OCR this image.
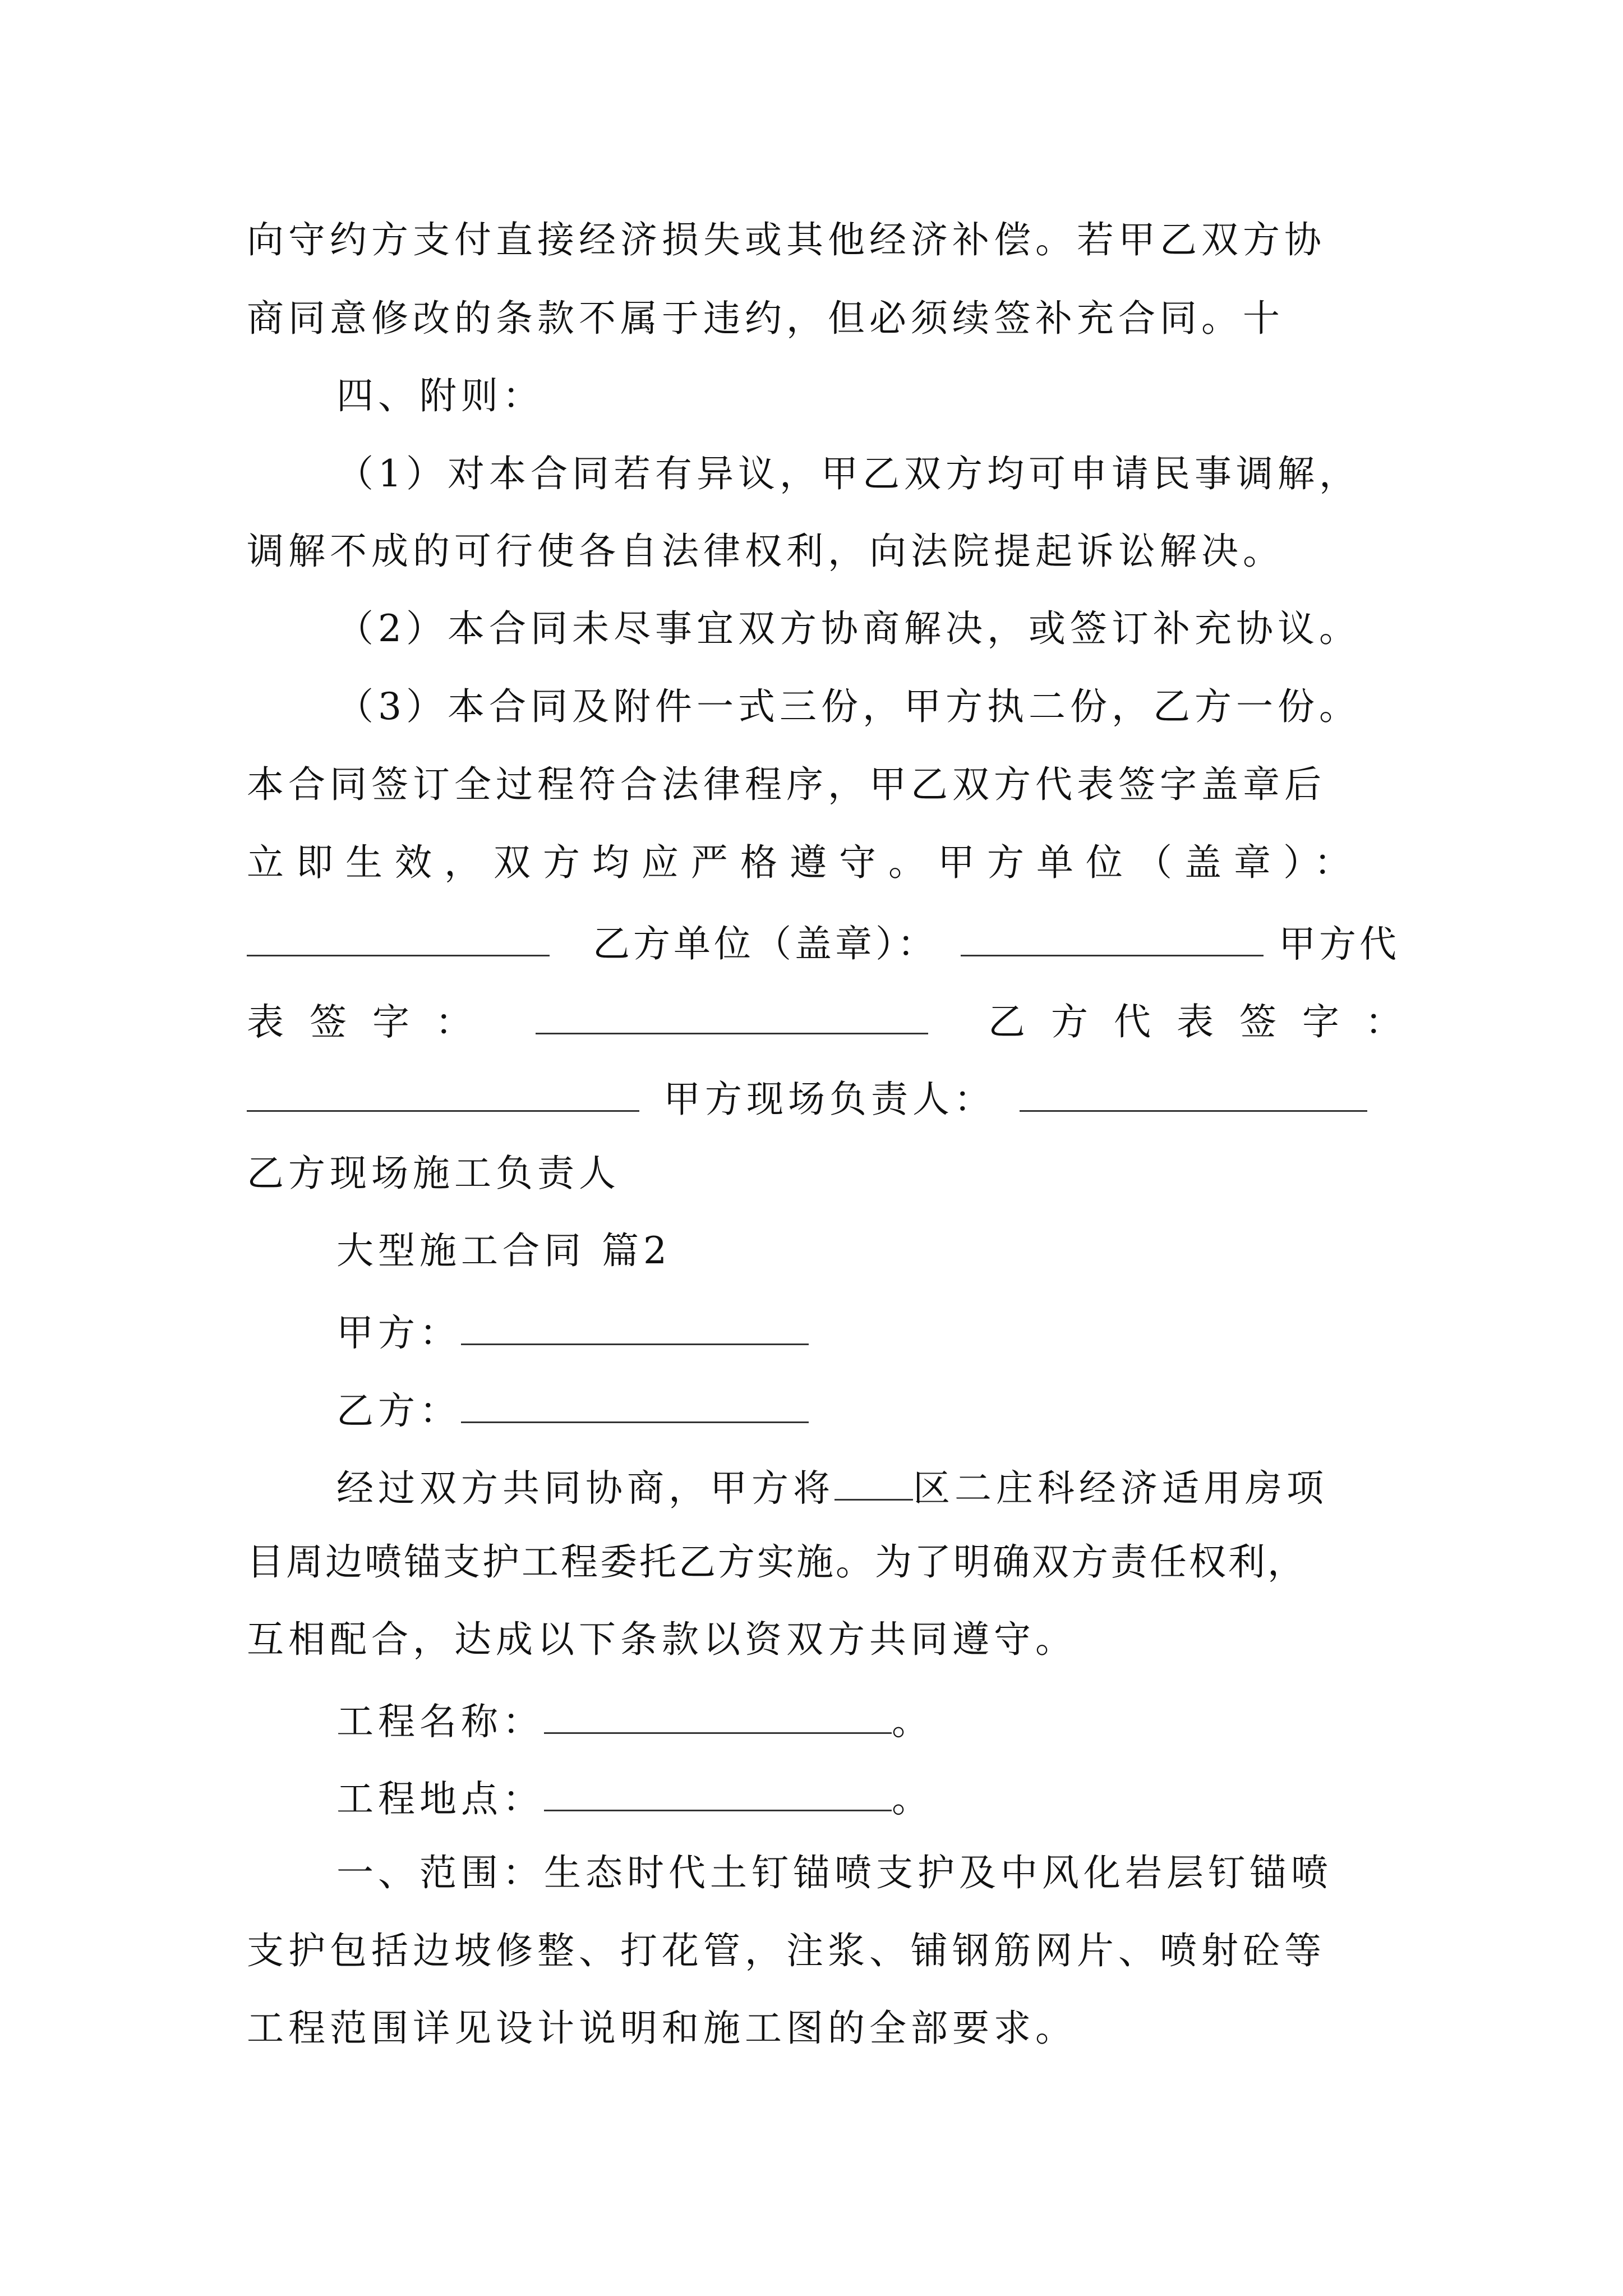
向守约方支付直接经济损失或其他经济补偿。若甲乙双方协
商同意修改的条款不属于违约，但必须续签补充合同。十
四、附则：
（1）对本合同若有异议，甲乙双方均可申请民事调解，
调解不成的可行使各自法律权利，向法院提起诉讼解决。
（2）本合同未尽事宜双方协商解决，或签订补充协议。
（3）本合同及附件一式三份，甲方执二份，乙方一份。
本合同签订全过程符合法律程序，甲乙双方代表签字盖章后
立即生效，双方均应严格遵守。甲方单位（盖章）：
乙方单位（盖章）：	甲方代
表签字：	乙方代表签字：
甲方现场负责人：
乙方现场施工负责人
大型施工合同 篇2
甲方：
乙方：
经过双方共同协商，甲方将 区二庄科经济适用房项
目周边喷锚支护工程委托乙方实施。为了明确双方责任权利，
互相配合，达成以下条款以资双方共同遵守。
工程名称：	。
工程地点：	。
一、范围：生态时代土钉锚喷支护及中风化岩层钉锚喷
支护包括边坡修整、打花管，注浆、铺钢筋网片、喷射砼等
工程范围详见设计说明和施工图的全部要求。
